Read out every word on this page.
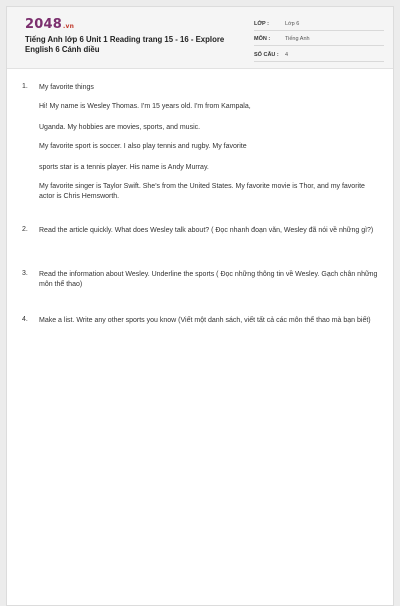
2048.vn
Tiếng Anh lớp 6 Unit 1 Reading trang 15 - 16 - Explore English 6 Cánh diều
LỚP :	Lớp 6
MÔN :	Tiếng Anh
SỐ CÂU : 4
1. My favorite things
Hi! My name is Wesley Thomas. I'm 15 years old. I'm from Kampala,
Uganda. My hobbies are movies, sports, and music.
My favorite sport is soccer. I also play tennis and rugby. My favorite
sports star is a tennis player. His name is Andy Murray.
My favorite singer is Taylor Swift. She's from the United States. My favorite movie is Thor, and my favorite actor is Chris Hemsworth.
2. Read the article quickly. What does Wesley talk about? ( Đọc nhanh đoạn văn, Wesley đã nói về những gì?)
3. Read the information about Wesley. Underline the sports ( Đọc những thông tin về Wesley. Gạch chân những môn thể thao)
4. Make a list. Write any other sports you know (Viết một danh sách, viết tất cả các môn thể thao mà bạn biết)
